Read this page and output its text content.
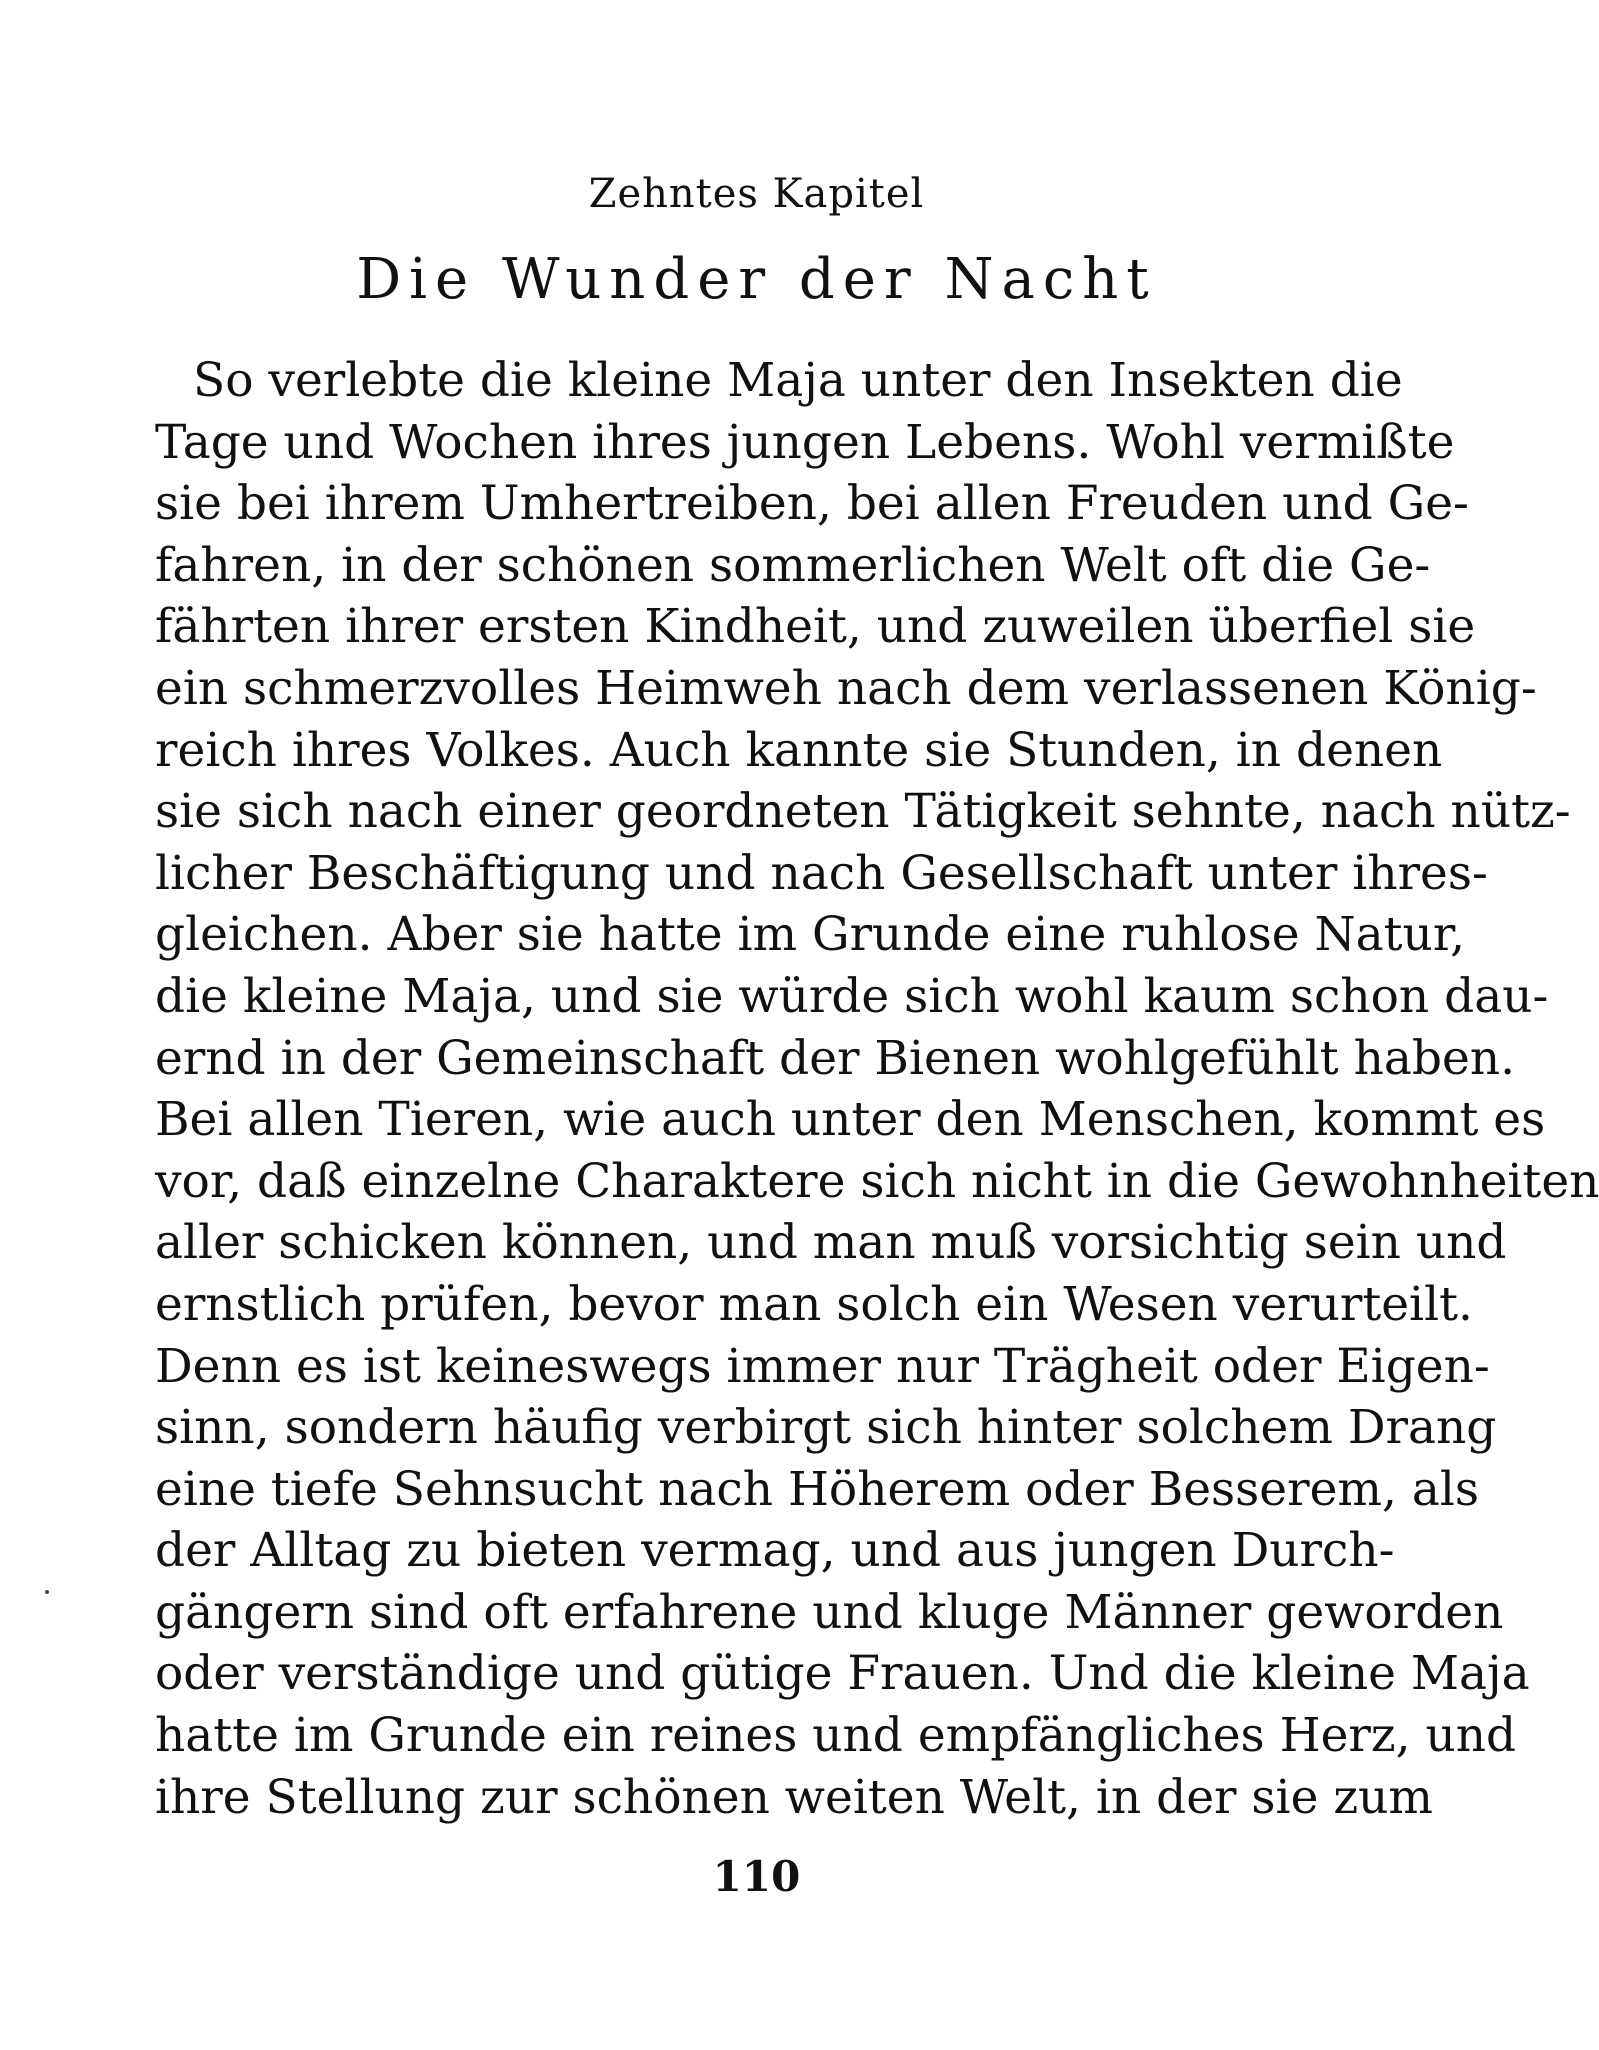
Zehntes Kapitel
Die Wunder der Nacht
So verlebte die kleine Maja unter den Insekten die
Tage und Wochen ihres jungen Lebens. Wohl vermißte
sie bei ihrem Umhertreiben, bei allen Freuden und Ge-
fahren, in der schönen sommerlichen Welt oft die Ge-
fährten ihrer ersten Kindheit, und zuweilen überfiel sie
ein schmerzvolles Heimweh nach dem verlassenen König-
reich ihres Volkes. Auch kannte sie Stunden, in denen
sie sich nach einer geordneten Tätigkeit sehnte, nach nütz-
licher Beschäftigung und nach Gesellschaft unter ihres-
gleichen. Aber sie hatte im Grunde eine ruhlose Natur,
die kleine Maja, und sie würde sich wohl kaum schon dau-
ernd in der Gemeinschaft der Bienen wohlgefühlt haben.
Bei allen Tieren, wie auch unter den Menschen, kommt es
vor, daß einzelne Charaktere sich nicht in die Gewohnheiten
aller schicken können, und man muß vorsichtig sein und
ernstlich prüfen, bevor man solch ein Wesen verurteilt.
Denn es ist keineswegs immer nur Trägheit oder Eigen-
sinn, sondern häufig verbirgt sich hinter solchem Drang
eine tiefe Sehnsucht nach Höherem oder Besserem, als
der Alltag zu bieten vermag, und aus jungen Durch-
gängern sind oft erfahrene und kluge Männer geworden
oder verständige und gütige Frauen. Und die kleine Maja
hatte im Grunde ein reines und empfängliches Herz, und
ihre Stellung zur schönen weiten Welt, in der sie zum
110
